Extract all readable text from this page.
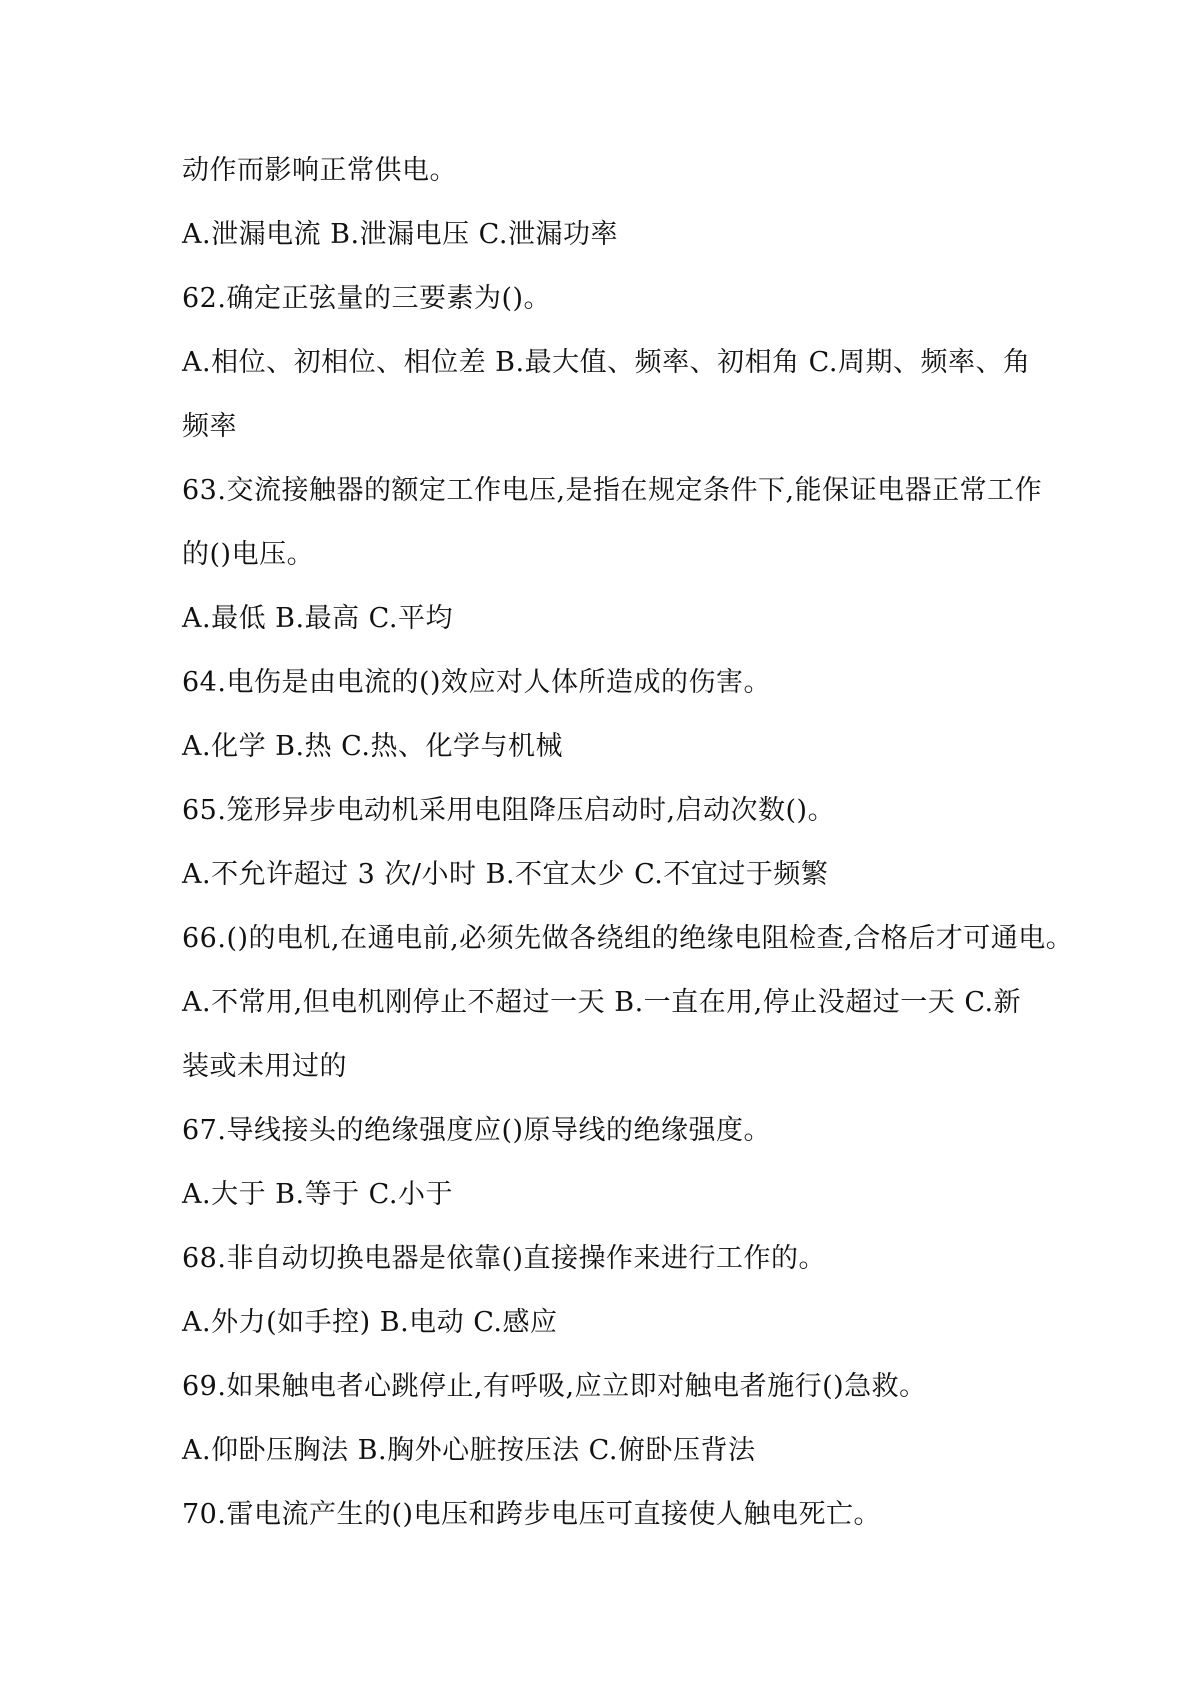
动作而影响正常供电。

A.泄漏电流 B.泄漏电压 C.泄漏功率

62.确定正弦量的三要素为()。

A.相位、初相位、相位差 B.最大值、频率、初相角 C.周期、频率、角

频率

63.交流接触器的额定工作电压,是指在规定条件下,能保证电器正常工作

的()电压。

A.最低 B.最高 C.平均

64.电伤是由电流的()效应对人体所造成的伤害。

A.化学 B.热 C.热、化学与机械

65.笼形异步电动机采用电阻降压启动时,启动次数()。

A.不允许超过 3 次/小时 B.不宜太少 C.不宜过于频繁

66.()的电机,在通电前,必须先做各绕组的绝缘电阻检查,合格后才可通电。

A.不常用,但电机刚停止不超过一天 B.一直在用,停止没超过一天 C.新

装或未用过的

67.导线接头的绝缘强度应()原导线的绝缘强度。

A.大于 B.等于 C.小于

68.非自动切换电器是依靠()直接操作来进行工作的。

A.外力(如手控) B.电动 C.感应

69.如果触电者心跳停止,有呼吸,应立即对触电者施行()急救。

A.仰卧压胸法 B.胸外心脏按压法 C.俯卧压背法

70.雷电流产生的()电压和跨步电压可直接使人触电死亡。
